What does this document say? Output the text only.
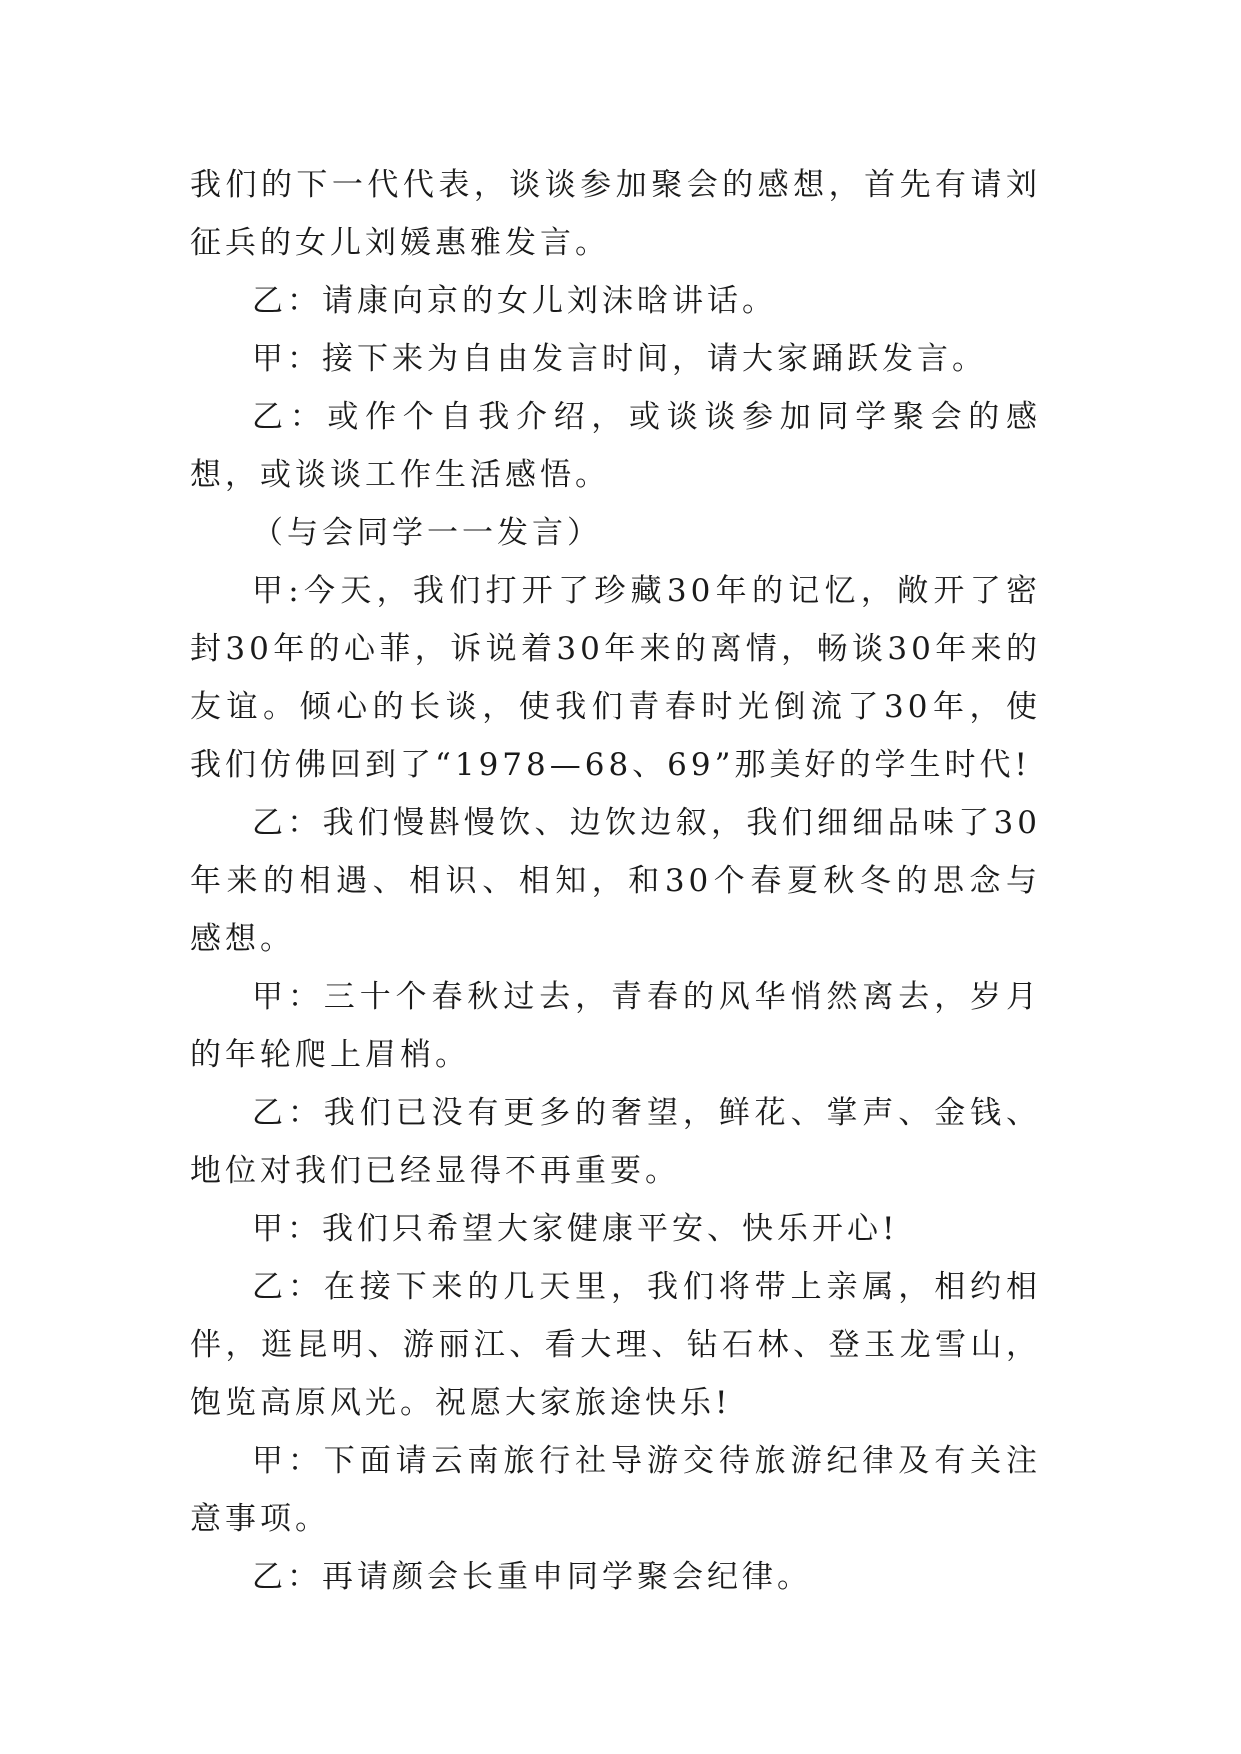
我们的下一代代表，谈谈参加聚会的感想，首先有请刘征兵的女儿刘媛惠雅发言。

乙：请康向京的女儿刘沫晗讲话。

甲：接下来为自由发言时间，请大家踊跃发言。

乙：或作个自我介绍，或谈谈参加同学聚会的感想，或谈谈工作生活感悟。

（与会同学一一发言）

甲:今天，我们打开了珍藏30年的记忆，敞开了密封30年的心菲，诉说着30年来的离情，畅谈30年来的友谊。倾心的长谈，使我们青春时光倒流了30年，使我们仿佛回到了“1978—68、69”那美好的学生时代!

乙：我们慢斟慢饮、边饮边叙，我们细细品味了30年来的相遇、相识、相知，和30个春夏秋冬的思念与感想。

甲：三十个春秋过去，青春的风华悄然离去，岁月的年轮爬上眉梢。

乙：我们已没有更多的奢望，鲜花、掌声、金钱、地位对我们已经显得不再重要。

甲：我们只希望大家健康平安、快乐开心!

乙：在接下来的几天里，我们将带上亲属，相约相伴，逛昆明、游丽江、看大理、钻石林、登玉龙雪山，饱览高原风光。祝愿大家旅途快乐!

甲：下面请云南旅行社导游交待旅游纪律及有关注意事项。

乙：再请颜会长重申同学聚会纪律。
